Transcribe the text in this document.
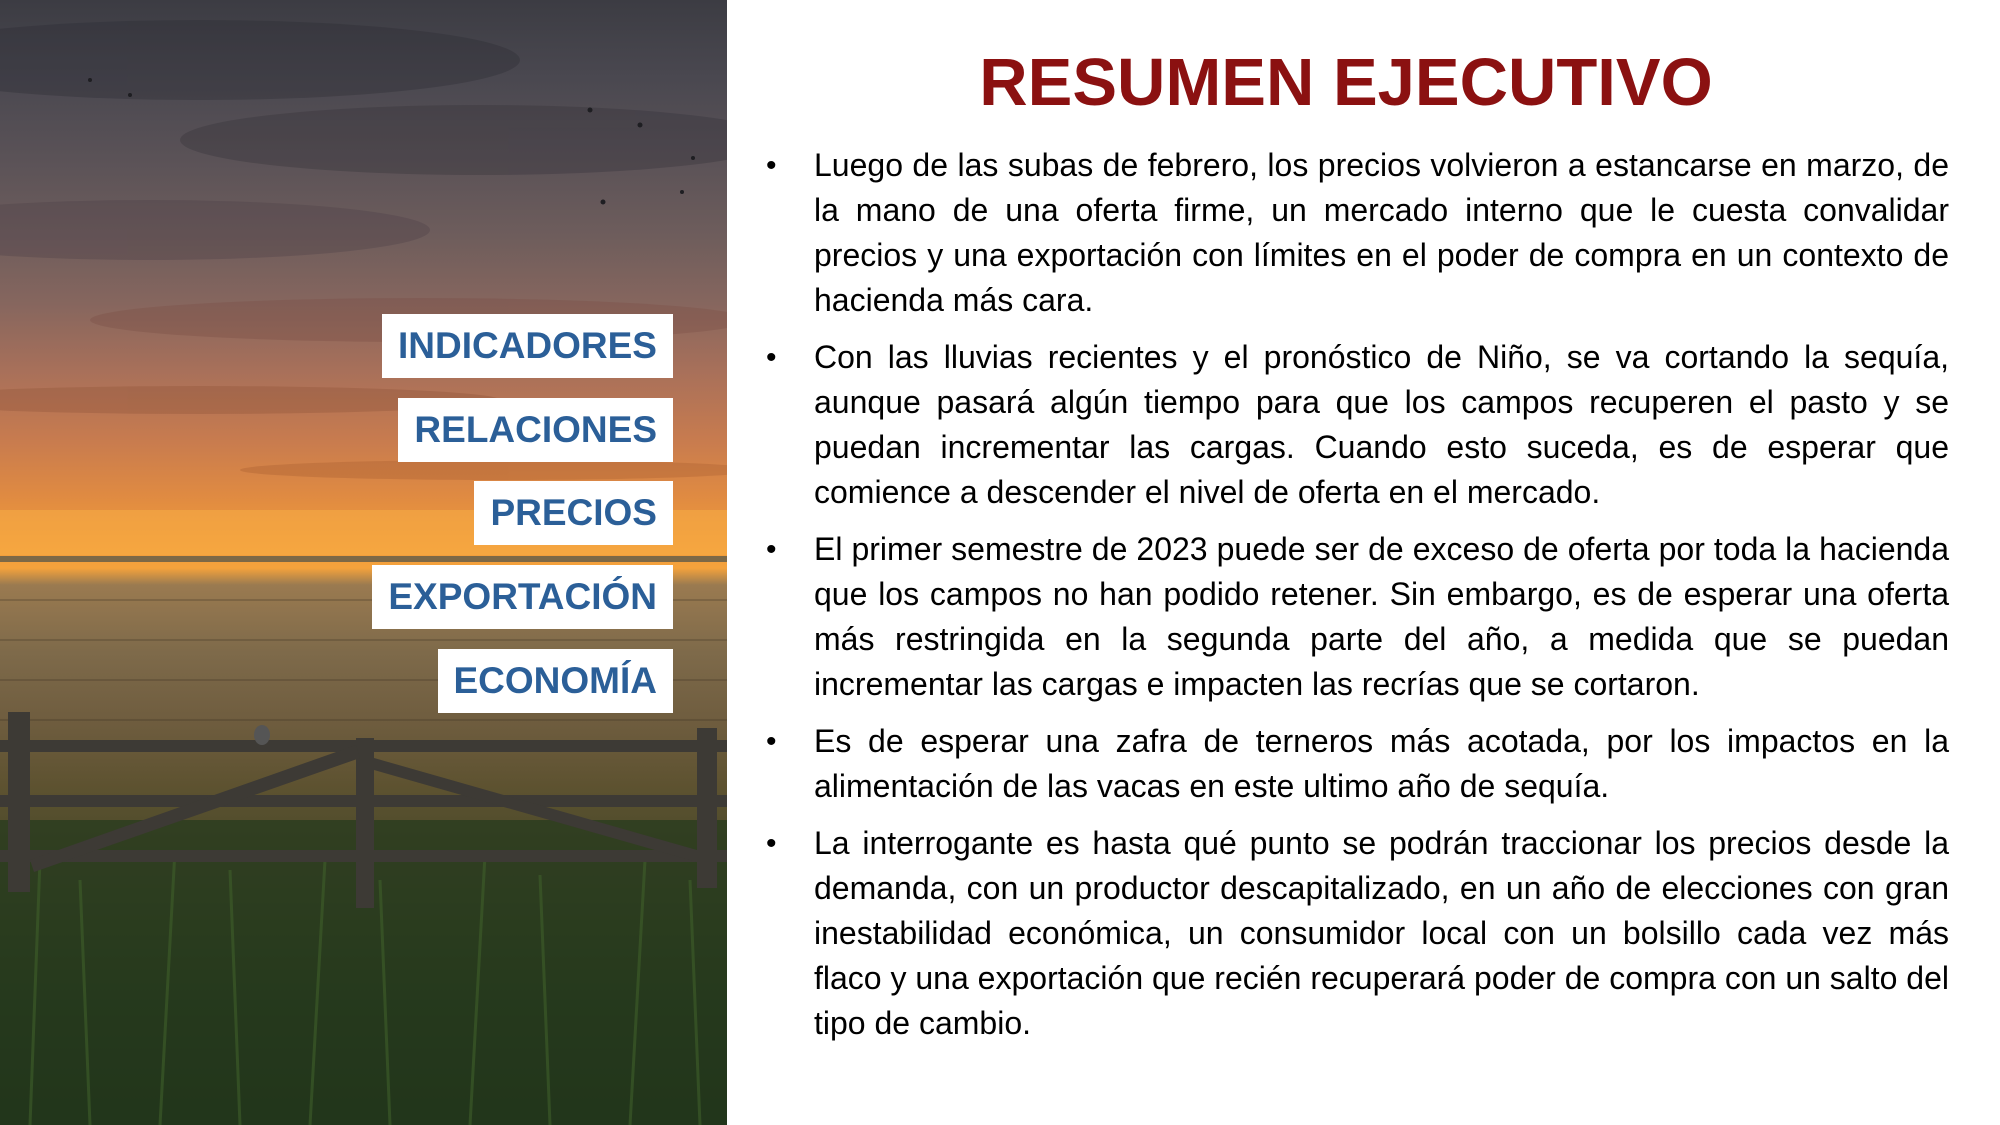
INDICADORES
RELACIONES
PRECIOS
EXPORTACIÓN
ECONOMÍA
RESUMEN EJECUTIVO
• Luego de las subas de febrero, los precios volvieron a estancarse en marzo, de la mano de una oferta firme, un mercado interno que le cuesta convalidar precios y una exportación con límites en el poder de compra en un contexto de hacienda más cara.
• Con las lluvias recientes y el pronóstico de Niño, se va cortando la sequía, aunque pasará algún tiempo para que los campos recuperen el pasto y se puedan incrementar las cargas. Cuando esto suceda, es de esperar que comience a descender el nivel de oferta en el mercado.
• El primer semestre de 2023 puede ser de exceso de oferta por toda la hacienda que los campos no han podido retener. Sin embargo, es de esperar una oferta más restringida en la segunda parte del año, a medida que se puedan incrementar las cargas e impacten las recrías que se cortaron.
• Es de esperar una zafra de terneros más acotada, por los impactos en la alimentación de las vacas en este ultimo año de sequía.
• La interrogante es hasta qué punto se podrán traccionar los precios desde la demanda, con un productor descapitalizado, en un año de elecciones con gran inestabilidad económica, un consumidor local con un bolsillo cada vez más flaco y una exportación que recién recuperará poder de compra con un salto del tipo de cambio.
